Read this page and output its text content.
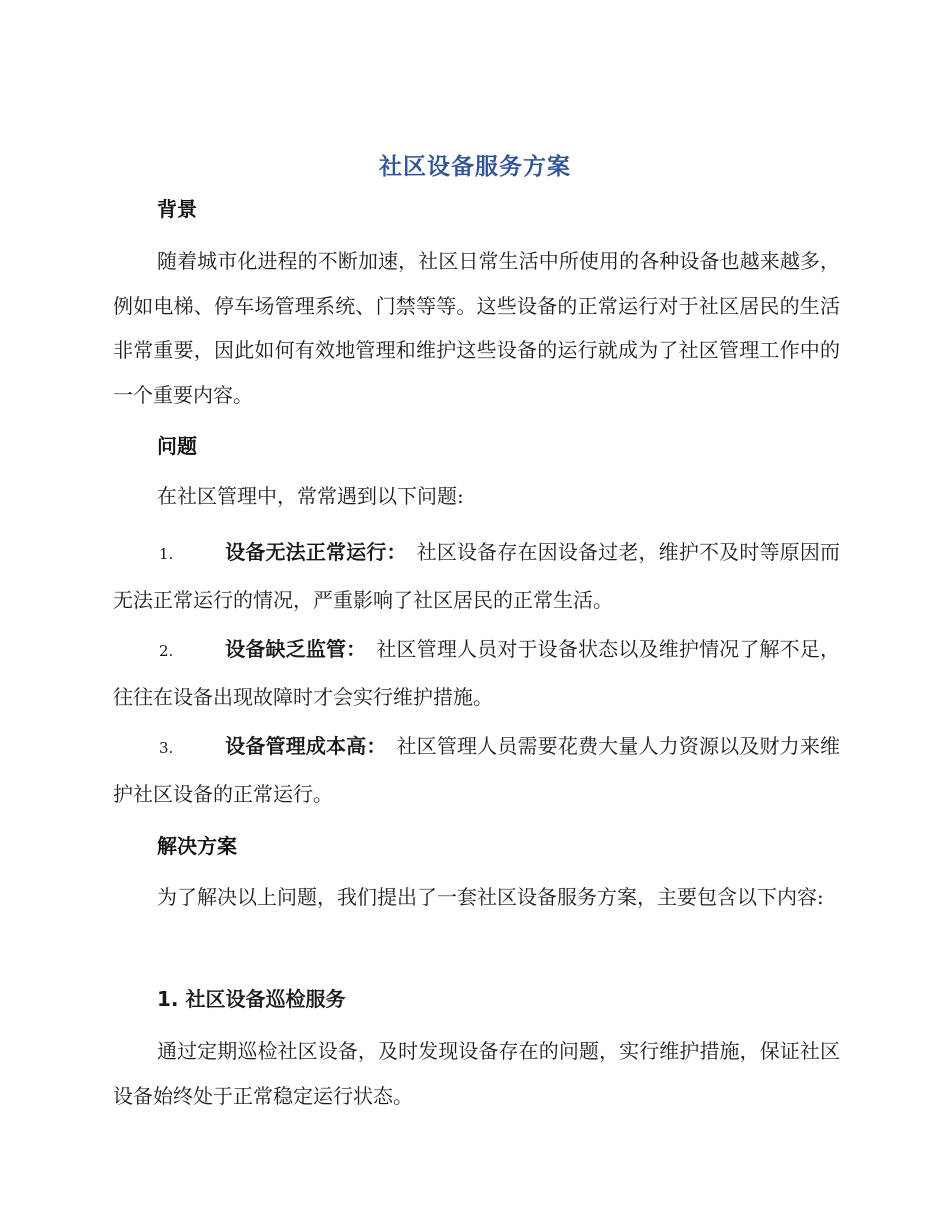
社区设备服务方案
背景
随着城市化进程的不断加速，社区日常生活中所使用的各种设备也越来越多，例如电梯、停车场管理系统、门禁等等。这些设备的正常运行对于社区居民的生活非常重要，因此如何有效地管理和维护这些设备的运行就成为了社区管理工作中的一个重要内容。
问题
在社区管理中，常常遇到以下问题:
1.	设备无法正常运行： 社区设备存在因设备过老，维护不及时等原因而无法正常运行的情况，严重影响了社区居民的正常生活。
2.	设备缺乏监管： 社区管理人员对于设备状态以及维护情况了解不足，往往在设备出现故障时才会实行维护措施。
3.	设备管理成本高： 社区管理人员需要花费大量人力资源以及财力来维护社区设备的正常运行。
解决方案
为了解决以上问题，我们提出了一套社区设备服务方案，主要包含以下内容:
1. 社区设备巡检服务
通过定期巡检社区设备，及时发现设备存在的问题，实行维护措施，保证社区设备始终处于正常稳定运行状态。
